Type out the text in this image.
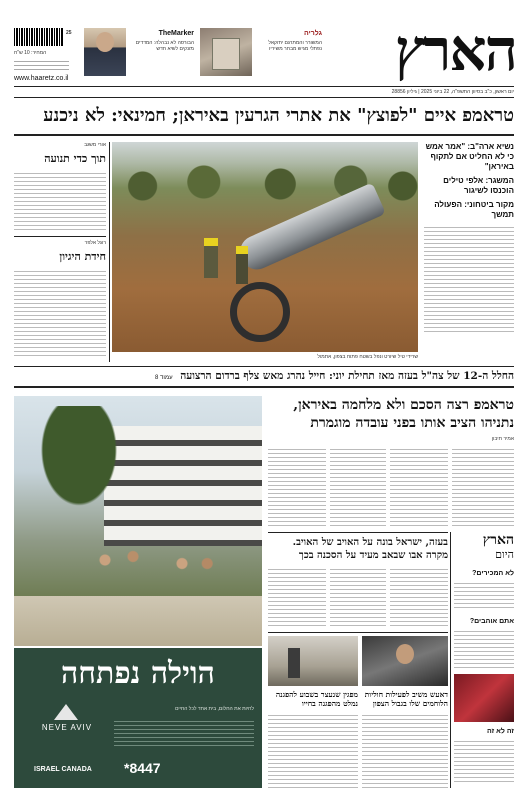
25
המחיר: 10 ש"ח
www.haaretz.co.il
TheMarker
הבורסה לא נבהלה: המדדים מזנקים לשיא חדש
גלריה
המשורר והמתרגם יחזקאל נפתלי מגיש מבחר משיריו	הארץ
יום ראשון, כ"ב בסיוון התשפ"ה, 22 ביוני 2025 | גיליון 28856
טראמפ איים "לפוצץ" את אתרי הגרעין באיראן; חמינאי: לא ניכנע
שרידי טיל שיורט ונפל בשטח פתוח בצפון, אתמול
נשיא ארה"ב: "אמר אמש כי לא החליט אם לתקוף באיראן"
המשגר: אלפי טילים הוכנסו לשיגור
מקור ביטחוני: הפעולה תמשך
אורי משגב
תוך כדי תנועה
רוגל אלפר
חידת היגיון
החלל ה-12 של צה"ל בעזה מאז תחילת יוני: חייל נהרג מאש צלף ברדום הרצועה עמוד 8
הוילה נפתחה
NEVE AVIV
לחיות את החלום, בית אחד לכל החיים
ISRAEL CANADA *8447
טראמפ רצה הסכם ולא מלחמה באיראן,
נתניהו הציב אותו בפני עובדה מוגמרת
אמיר תיבון
הארץ
היום
לא המכירים?
אתם אוהבים?
זה לא זה
בעזה, ישראל בונה על האויב של האויב.
מקרה אבו שבאב מעיד על הסכנה בכך
דאעש משיב לפעילות חוליות הלוחמים שלו בגבול הצפון
מפגין שנעצר בשבוע להפגנה נמלט מהפגנה בחייו
